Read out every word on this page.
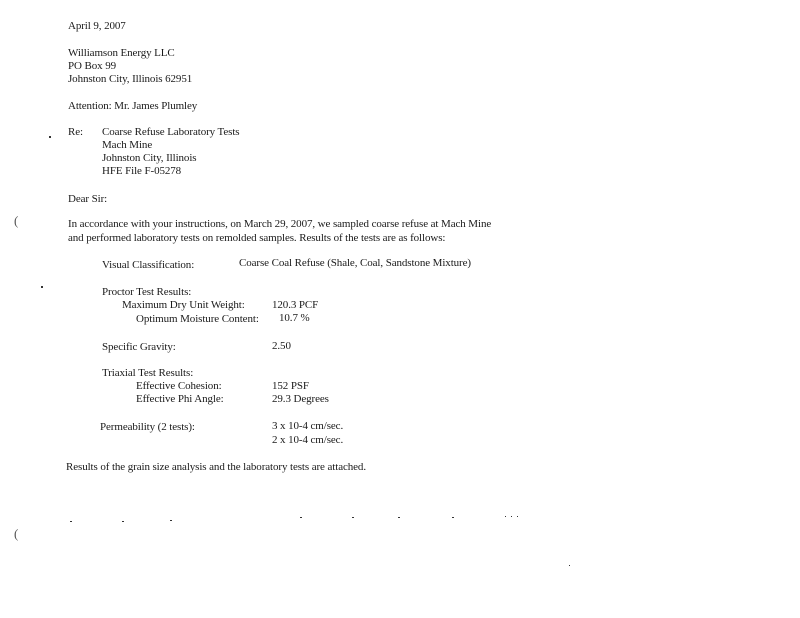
April 9, 2007
Williamson Energy LLC
PO Box 99
Johnston City, Illinois 62951
Attention: Mr. James Plumley
Re: Coarse Refuse Laboratory Tests
Mach Mine
Johnston City, Illinois
HFE File F-05278
Dear Sir:
In accordance with your instructions, on March 29, 2007, we sampled coarse refuse at Mach Mine
and performed laboratory tests on remolded samples. Results of the tests are as follows:
Visual Classification:	Coarse Coal Refuse (Shale, Coal, Sandstone Mixture)
Proctor Test Results:
Maximum Dry Unit Weight: 120.3 PCF
Optimum Moisture Content: 10.7 %
Specific Gravity:	2.50
Triaxial Test Results:
Effective Cohesion:	152 PSF
Effective Phi Angle:	29.3 Degrees
Permeability (2 tests):	3 x 10-4 cm/sec.
2 x 10-4 cm/sec.
Results of the grain size analysis and the laboratory tests are attached.
(
(
